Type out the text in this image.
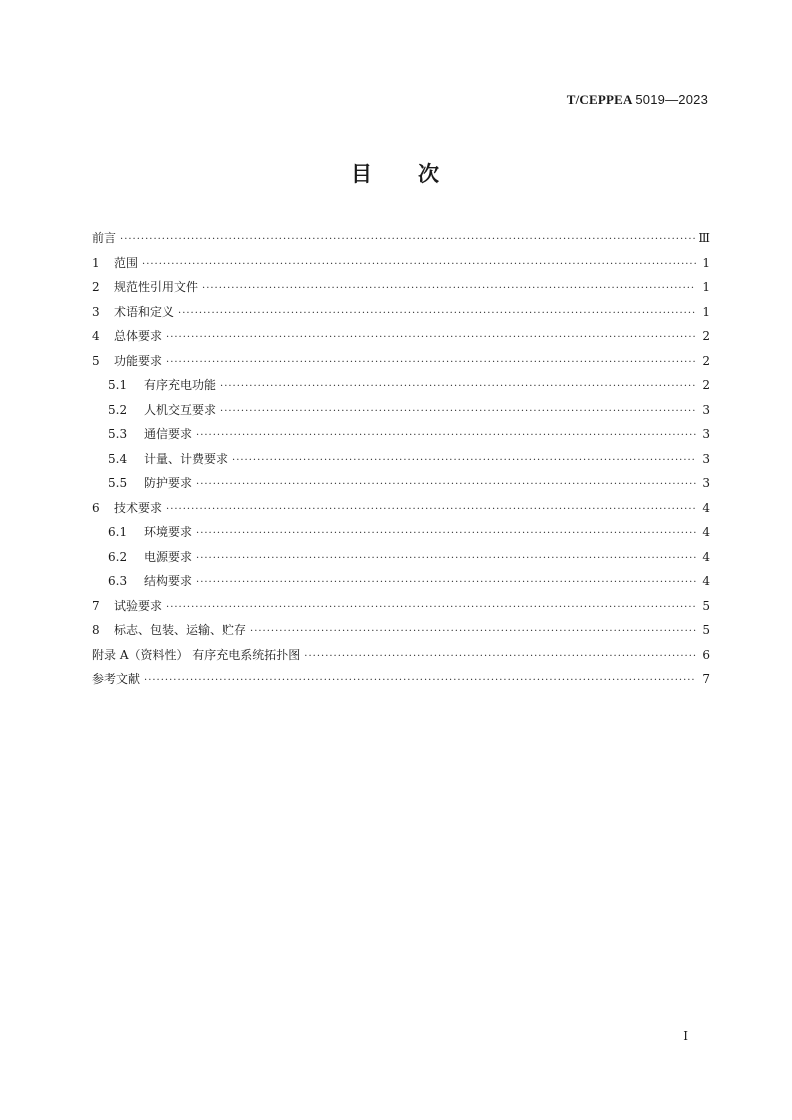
T/CEPPEA 5019—2023
目 次
前言 ·····	Ⅲ
1	范围 ·····	1
2	规范性引用文件 ·····	1
3	术语和定义 ·····	1
4	总体要求 ·····	2
5	功能要求 ·····	2
5.1	有序充电功能 ·····	2
5.2	人机交互要求 ·····	3
5.3	通信要求 ·····	3
5.4	计量、计费要求 ·····	3
5.5	防护要求 ·····	3
6	技术要求 ·····	4
6.1	环境要求 ·····	4
6.2	电源要求 ·····	4
6.3	结构要求 ·····	4
7	试验要求 ·····	5
8	标志、包装、运输、贮存 ·····	5
附录 A（资料性） 有序充电系统拓扑图 ·····	6
参考文献 ·····	7
I
